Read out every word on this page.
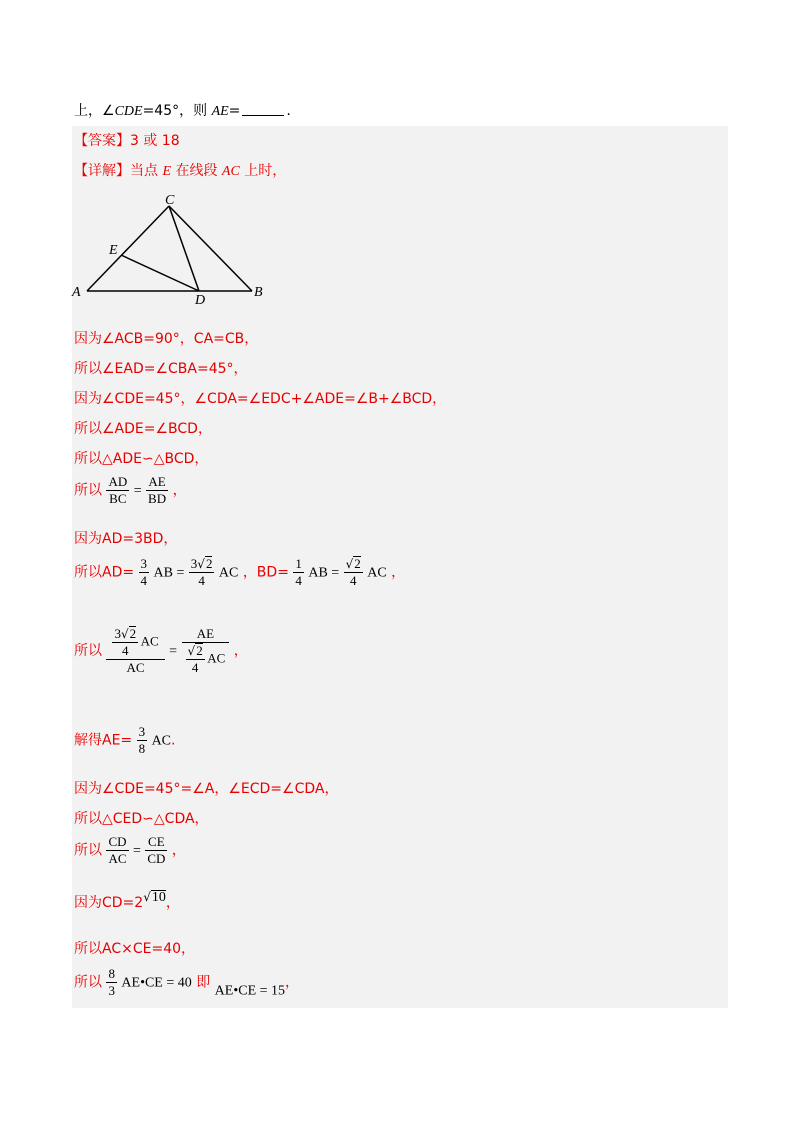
上，∠CDE=45°，则 AE=	.
【答案】3 或 18
【详解】当点 E 在线段 AC 上时，
A	B
C
D
E
因为∠ACB=90°，CA=CB，
所以∠EAD=∠CBA=45°，
因为∠CDE=45°，∠CDA=∠EDC+∠ADE=∠B+∠BCD，
所以∠ADE=∠BCD，
所以△ADE∽△BCD，
所以 $\frac{AD}{BC} = \frac{AE}{BD}$ ，
因为AD=3BD，
所以$AD= \frac{3}{4}$ AB = $\frac{3√2}{4}$ AC ，$BD= \frac{1}{4}$ AB = $\frac{√2}{4}$ AC ，
所以 $\frac{\frac{3√2}{4} AC}{AC} = \frac{AE}{\frac{√2}{4} AC}$ ，
解得$AE= \frac{3}{8}$ AC.
因为∠CDE=45°=∠A，∠ECD=∠CDA，
所以△CED∽△CDA，
所以 $\frac{CD}{AC} = \frac{CE}{CD}$ ，
因为CD=2√10，
所以AC×CE=40，
所以 $\frac{8}{3}$ AE•CE = 40 即 AE•CE = 15，
